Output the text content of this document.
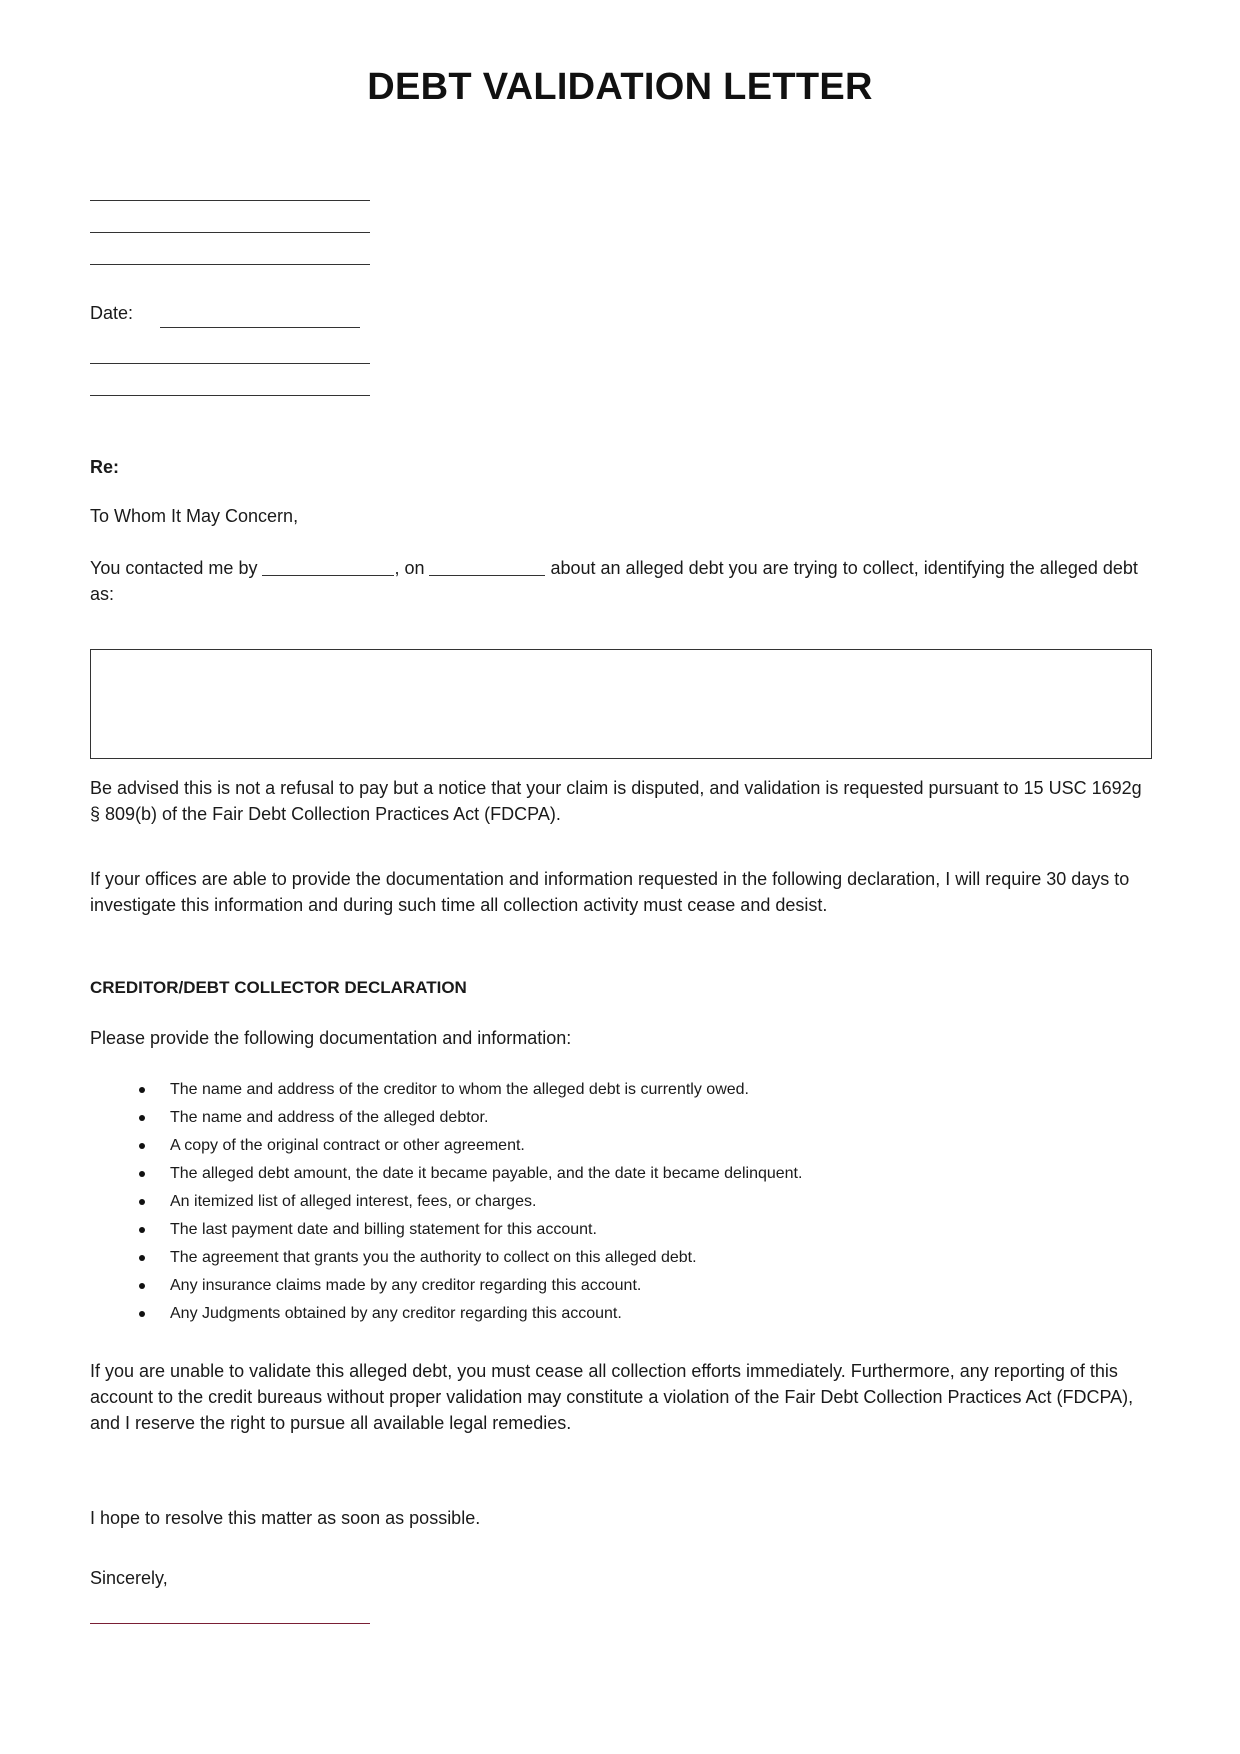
DEBT VALIDATION LETTER

Date:

Re:

To Whom It May Concern,

You contacted me by	, on	about an alleged debt you are trying to collect, identifying the alleged debt as:

Be advised this is not a refusal to pay but a notice that your claim is disputed, and validation is requested pursuant to 15 USC 1692g § 809(b) of the Fair Debt Collection Practices Act (FDCPA).

If your offices are able to provide the documentation and information requested in the following declaration, I will require 30 days to investigate this information and during such time all collection activity must cease and desist.

CREDITOR/DEBT COLLECTOR DECLARATION

Please provide the following documentation and information:

The name and address of the creditor to whom the alleged debt is currently owed.
The name and address of the alleged debtor.
A copy of the original contract or other agreement.
The alleged debt amount, the date it became payable, and the date it became delinquent.
An itemized list of alleged interest, fees, or charges.
The last payment date and billing statement for this account.
The agreement that grants you the authority to collect on this alleged debt.
Any insurance claims made by any creditor regarding this account.
Any Judgments obtained by any creditor regarding this account.

If you are unable to validate this alleged debt, you must cease all collection efforts immediately. Furthermore, any reporting of this account to the credit bureaus without proper validation may constitute a violation of the Fair Debt Collection Practices Act (FDCPA), and I reserve the right to pursue all available legal remedies.

I hope to resolve this matter as soon as possible.

Sincerely,
